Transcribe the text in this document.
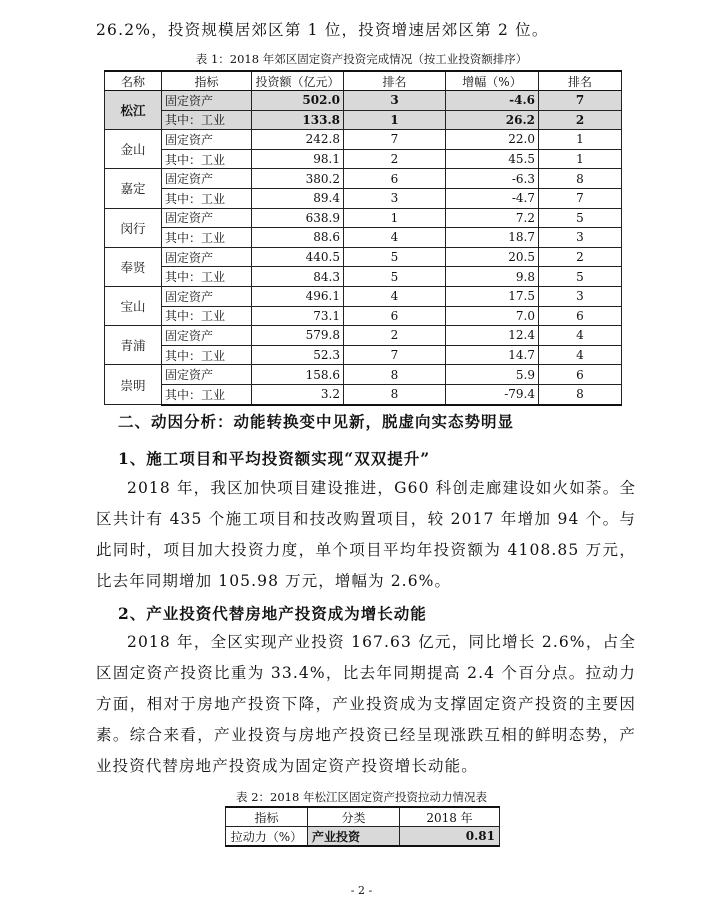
26.2%，投资规模居郊区第 1 位，投资增速居郊区第 2 位。
表 1：2018 年郊区固定资产投资完成情况（按工业投资额排序）
名称	指标	投资额（亿元）	排名	增幅（%）	排名
松江	固定资产	502.0	3	-4.6	7
	其中：工业	133.8	1	26.2	2
金山	固定资产	242.8	7	22.0	1
	其中：工业	98.1	2	45.5	1
嘉定	固定资产	380.2	6	-6.3	8
	其中：工业	89.4	3	-4.7	7
闵行	固定资产	638.9	1	7.2	5
	其中：工业	88.6	4	18.7	3
奉贤	固定资产	440.5	5	20.5	2
	其中：工业	84.3	5	9.8	5
宝山	固定资产	496.1	4	17.5	3
	其中：工业	73.1	6	7.0	6
青浦	固定资产	579.8	2	12.4	4
	其中：工业	52.3	7	14.7	4
崇明	固定资产	158.6	8	5.9	6
	其中：工业	3.2	8	-79.4	8
二、动因分析：动能转换变中见新，脱虚向实态势明显
1、施工项目和平均投资额实现“双双提升”
2018 年，我区加快项目建设推进，G60 科创走廊建设如火如荼。全区共计有 435 个施工项目和技改购置项目，较 2017 年增加 94 个。与此同时，项目加大投资力度，单个项目平均年投资额为 4108.85 万元，比去年同期增加 105.98 万元，增幅为 2.6%。
2、产业投资代替房地产投资成为增长动能
2018 年，全区实现产业投资 167.63 亿元，同比增长 2.6%，占全区固定资产投资比重为 33.4%，比去年同期提高 2.4 个百分点。拉动力方面，相对于房地产投资下降，产业投资成为支撑固定资产投资的主要因素。综合来看，产业投资与房地产投资已经呈现涨跌互相的鲜明态势，产业投资代替房地产投资成为固定资产投资增长动能。
表 2：2018 年松江区固定资产投资拉动力情况表
指标	分类	2018 年
拉动力（%）	产业投资	0.81
- 2 -
